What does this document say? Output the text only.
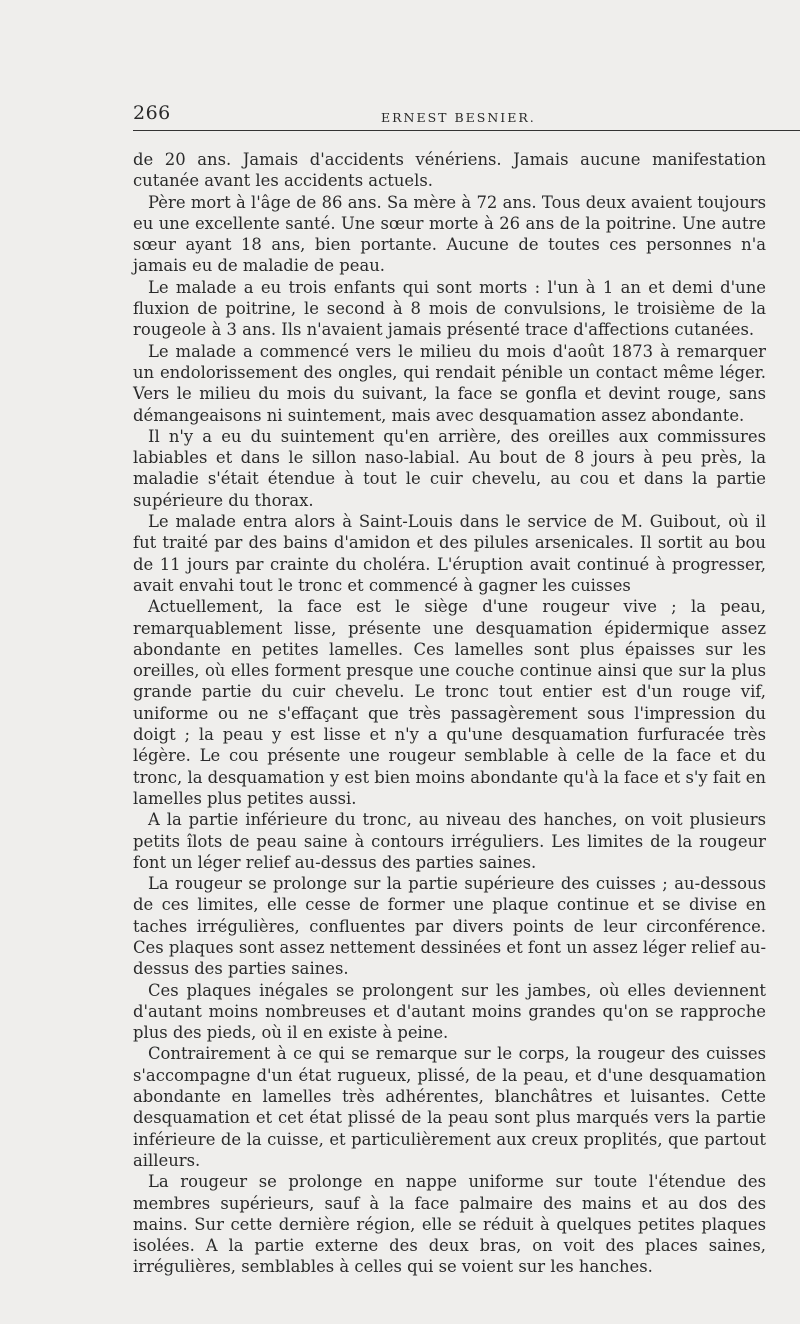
266	ERNEST BESNIER.

de 20 ans. Jamais d'accidents vénériens. Jamais aucune manifestation cutanée avant les accidents actuels.

Père mort à l'âge de 86 ans. Sa mère à 72 ans. Tous deux avaient toujours eu une excellente santé. Une sœur morte à 26 ans de la poitrine. Une autre sœur ayant 18 ans, bien portante. Aucune de toutes ces personnes n'a jamais eu de maladie de peau.

Le malade a eu trois enfants qui sont morts : l'un à 1 an et demi d'une fluxion de poitrine, le second à 8 mois de convulsions, le troisième de la rougeole à 3 ans. Ils n'avaient jamais présenté trace d'affections cutanées.

Le malade a commencé vers le milieu du mois d'août 1873 à remarquer un endolorissement des ongles, qui rendait pénible un contact même léger. Vers le milieu du mois du suivant, la face se gonfla et devint rouge, sans démangeaisons ni suintement, mais avec desquamation assez abondante.

Il n'y a eu du suintement qu'en arrière, des oreilles aux commissures labiables et dans le sillon naso-labial. Au bout de 8 jours à peu près, la maladie s'était étendue à tout le cuir chevelu, au cou et dans la partie supérieure du thorax.

Le malade entra alors à Saint-Louis dans le service de M. Guibout, où il fut traité par des bains d'amidon et des pilules arsenicales. Il sortit au bou de 11 jours par crainte du choléra. L'éruption avait continué à progresser, avait envahi tout le tronc et commencé à gagner les cuisses

Actuellement, la face est le siège d'une rougeur vive ; la peau, remarquablement lisse, présente une desquamation épidermique assez abondante en petites lamelles. Ces lamelles sont plus épaisses sur les oreilles, où elles forment presque une couche continue ainsi que sur la plus grande partie du cuir chevelu. Le tronc tout entier est d'un rouge vif, uniforme ou ne s'effaçant que très passagèrement sous l'impression du doigt ; la peau y est lisse et n'y a qu'une desquamation furfuracée très légère. Le cou présente une rougeur semblable à celle de la face et du tronc, la desquamation y est bien moins abondante qu'à la face et s'y fait en lamelles plus petites aussi.

A la partie inférieure du tronc, au niveau des hanches, on voit plusieurs petits îlots de peau saine à contours irréguliers. Les limites de la rougeur font un léger relief au-dessus des parties saines.

La rougeur se prolonge sur la partie supérieure des cuisses ; au-dessous de ces limites, elle cesse de former une plaque continue et se divise en taches irrégulières, confluentes par divers points de leur circonférence. Ces plaques sont assez nettement dessinées et font un assez léger relief au-dessus des parties saines.

Ces plaques inégales se prolongent sur les jambes, où elles deviennent d'autant moins nombreuses et d'autant moins grandes qu'on se rapproche plus des pieds, où il en existe à peine.

Contrairement à ce qui se remarque sur le corps, la rougeur des cuisses s'accompagne d'un état rugueux, plissé, de la peau, et d'une desquamation abondante en lamelles très adhérentes, blanchâtres et luisantes. Cette desquamation et cet état plissé de la peau sont plus marqués vers la partie inférieure de la cuisse, et particulièrement aux creux proplités, que partout ailleurs.

La rougeur se prolonge en nappe uniforme sur toute l'étendue des membres supérieurs, sauf à la face palmaire des mains et au dos des mains. Sur cette dernière région, elle se réduit à quelques petites plaques isolées. A la partie externe des deux bras, on voit des places saines, irrégulières, semblables à celles qui se voient sur les hanches.
